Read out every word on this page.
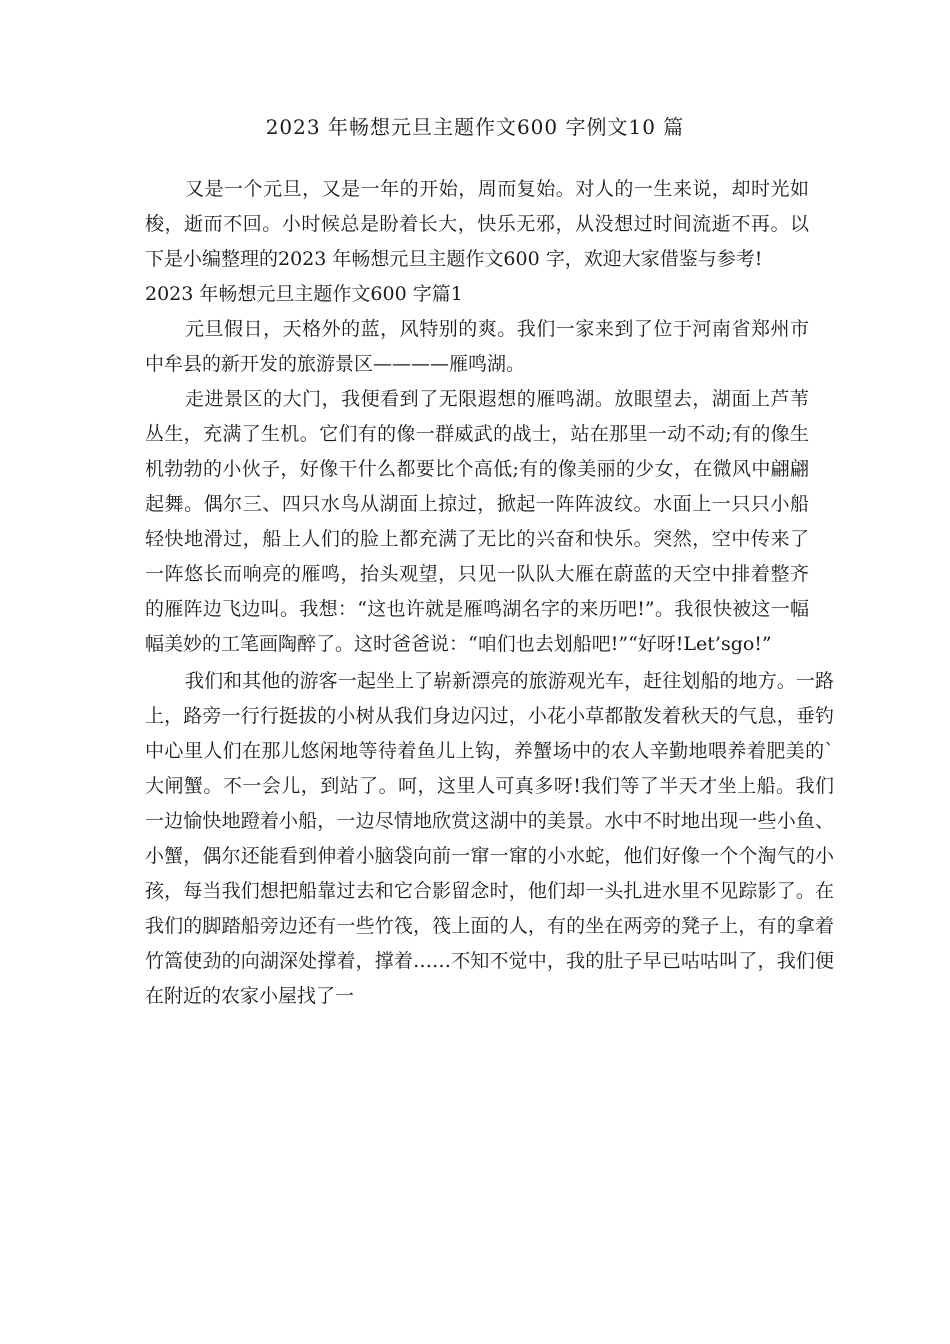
2023 年畅想元旦主题作文600 字例文10 篇

又是一个元旦，又是一年的开始，周而复始。对人的一生来说，却时光如梭，逝而不回。小时候总是盼着长大，快乐无邪，从没想过时间流逝不再。以下是小编整理的2023 年畅想元旦主题作文600 字，欢迎大家借鉴与参考!

2023 年畅想元旦主题作文600 字篇1

元旦假日，天格外的蓝，风特别的爽。我们一家来到了位于河南省郑州市中牟县的新开发的旅游景区————雁鸣湖。

走进景区的大门，我便看到了无限遐想的雁鸣湖。放眼望去，湖面上芦苇丛生，充满了生机。它们有的像一群威武的战士，站在那里一动不动;有的像生机勃勃的小伙子，好像干什么都要比个高低;有的像美丽的少女，在微风中翩翩起舞。偶尔三、四只水鸟从湖面上掠过，掀起一阵阵波纹。水面上一只只小船轻快地滑过，船上人们的脸上都充满了无比的兴奋和快乐。突然，空中传来了一阵悠长而响亮的雁鸣，抬头观望，只见一队队大雁在蔚蓝的天空中排着整齐的雁阵边飞边叫。我想：“这也许就是雁鸣湖名字的来历吧!”。我很快被这一幅幅美妙的工笔画陶醉了。这时爸爸说：“咱们也去划船吧!”“好呀!Let’sgo!”

我们和其他的游客一起坐上了崭新漂亮的旅游观光车，赶往划船的地方。一路上，路旁一行行挺拔的小树从我们身边闪过，小花小草都散发着秋天的气息，垂钓中心里人们在那儿悠闲地等待着鱼儿上钩，养蟹场中的农人辛勤地喂养着肥美的`大闸蟹。不一会儿，到站了。呵，这里人可真多呀!我们等了半天才坐上船。我们一边愉快地蹬着小船，一边尽情地欣赏这湖中的美景。水中不时地出现一些小鱼、小蟹，偶尔还能看到伸着小脑袋向前一窜一窜的小水蛇，他们好像一个个淘气的小孩，每当我们想把船靠过去和它合影留念时，他们却一头扎进水里不见踪影了。在我们的脚踏船旁边还有一些竹筏，筏上面的人，有的坐在两旁的凳子上，有的拿着竹篙使劲的向湖深处撑着，撑着……不知不觉中，我的肚子早已咕咕叫了，我们便在附近的农家小屋找了一
